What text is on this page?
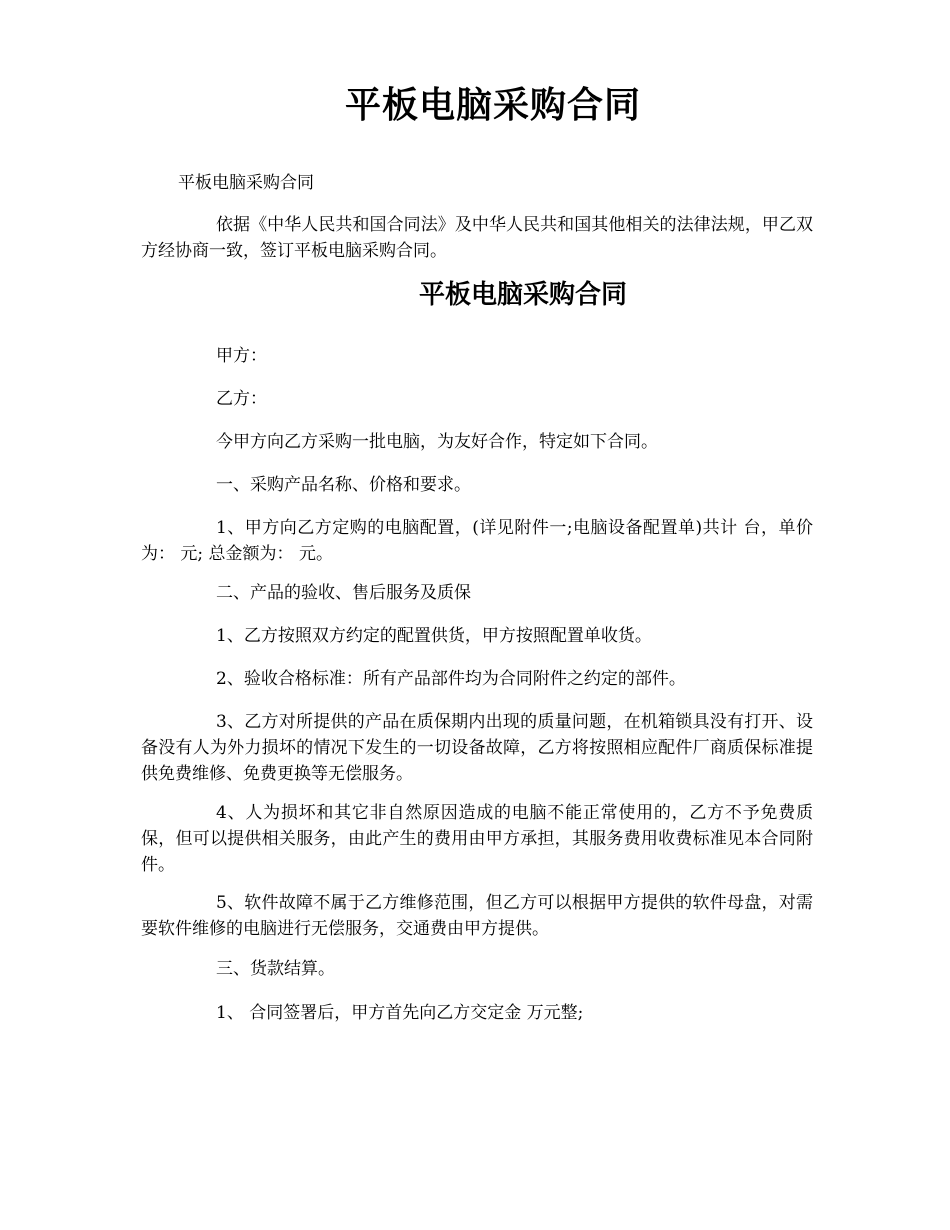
平板电脑采购合同

平板电脑采购合同

依据《中华人民共和国合同法》及中华人民共和国其他相关的法律法规，甲乙双方经协商一致，签订平板电脑采购合同。

平板电脑采购合同

甲方：

乙方：

今甲方向乙方采购一批电脑，为友好合作，特定如下合同。

一、采购产品名称、价格和要求。

1、甲方向乙方定购的电脑配置，(详见附件一;电脑设备配置单)共计 台，单价为： 元; 总金额为： 元。

二、产品的验收、售后服务及质保

1、乙方按照双方约定的配置供货，甲方按照配置单收货。

2、验收合格标准：所有产品部件均为合同附件之约定的部件。

3、乙方对所提供的产品在质保期内出现的质量问题，在机箱锁具没有打开、设备没有人为外力损坏的情况下发生的一切设备故障，乙方将按照相应配件厂商质保标准提供免费维修、免费更换等无偿服务。

4、人为损坏和其它非自然原因造成的电脑不能正常使用的，乙方不予免费质保，但可以提供相关服务，由此产生的费用由甲方承担，其服务费用收费标准见本合同附件。

5、软件故障不属于乙方维修范围，但乙方可以根据甲方提供的软件母盘，对需要软件维修的电脑进行无偿服务，交通费由甲方提供。

三、货款结算。

1、 合同签署后，甲方首先向乙方交定金 万元整;
